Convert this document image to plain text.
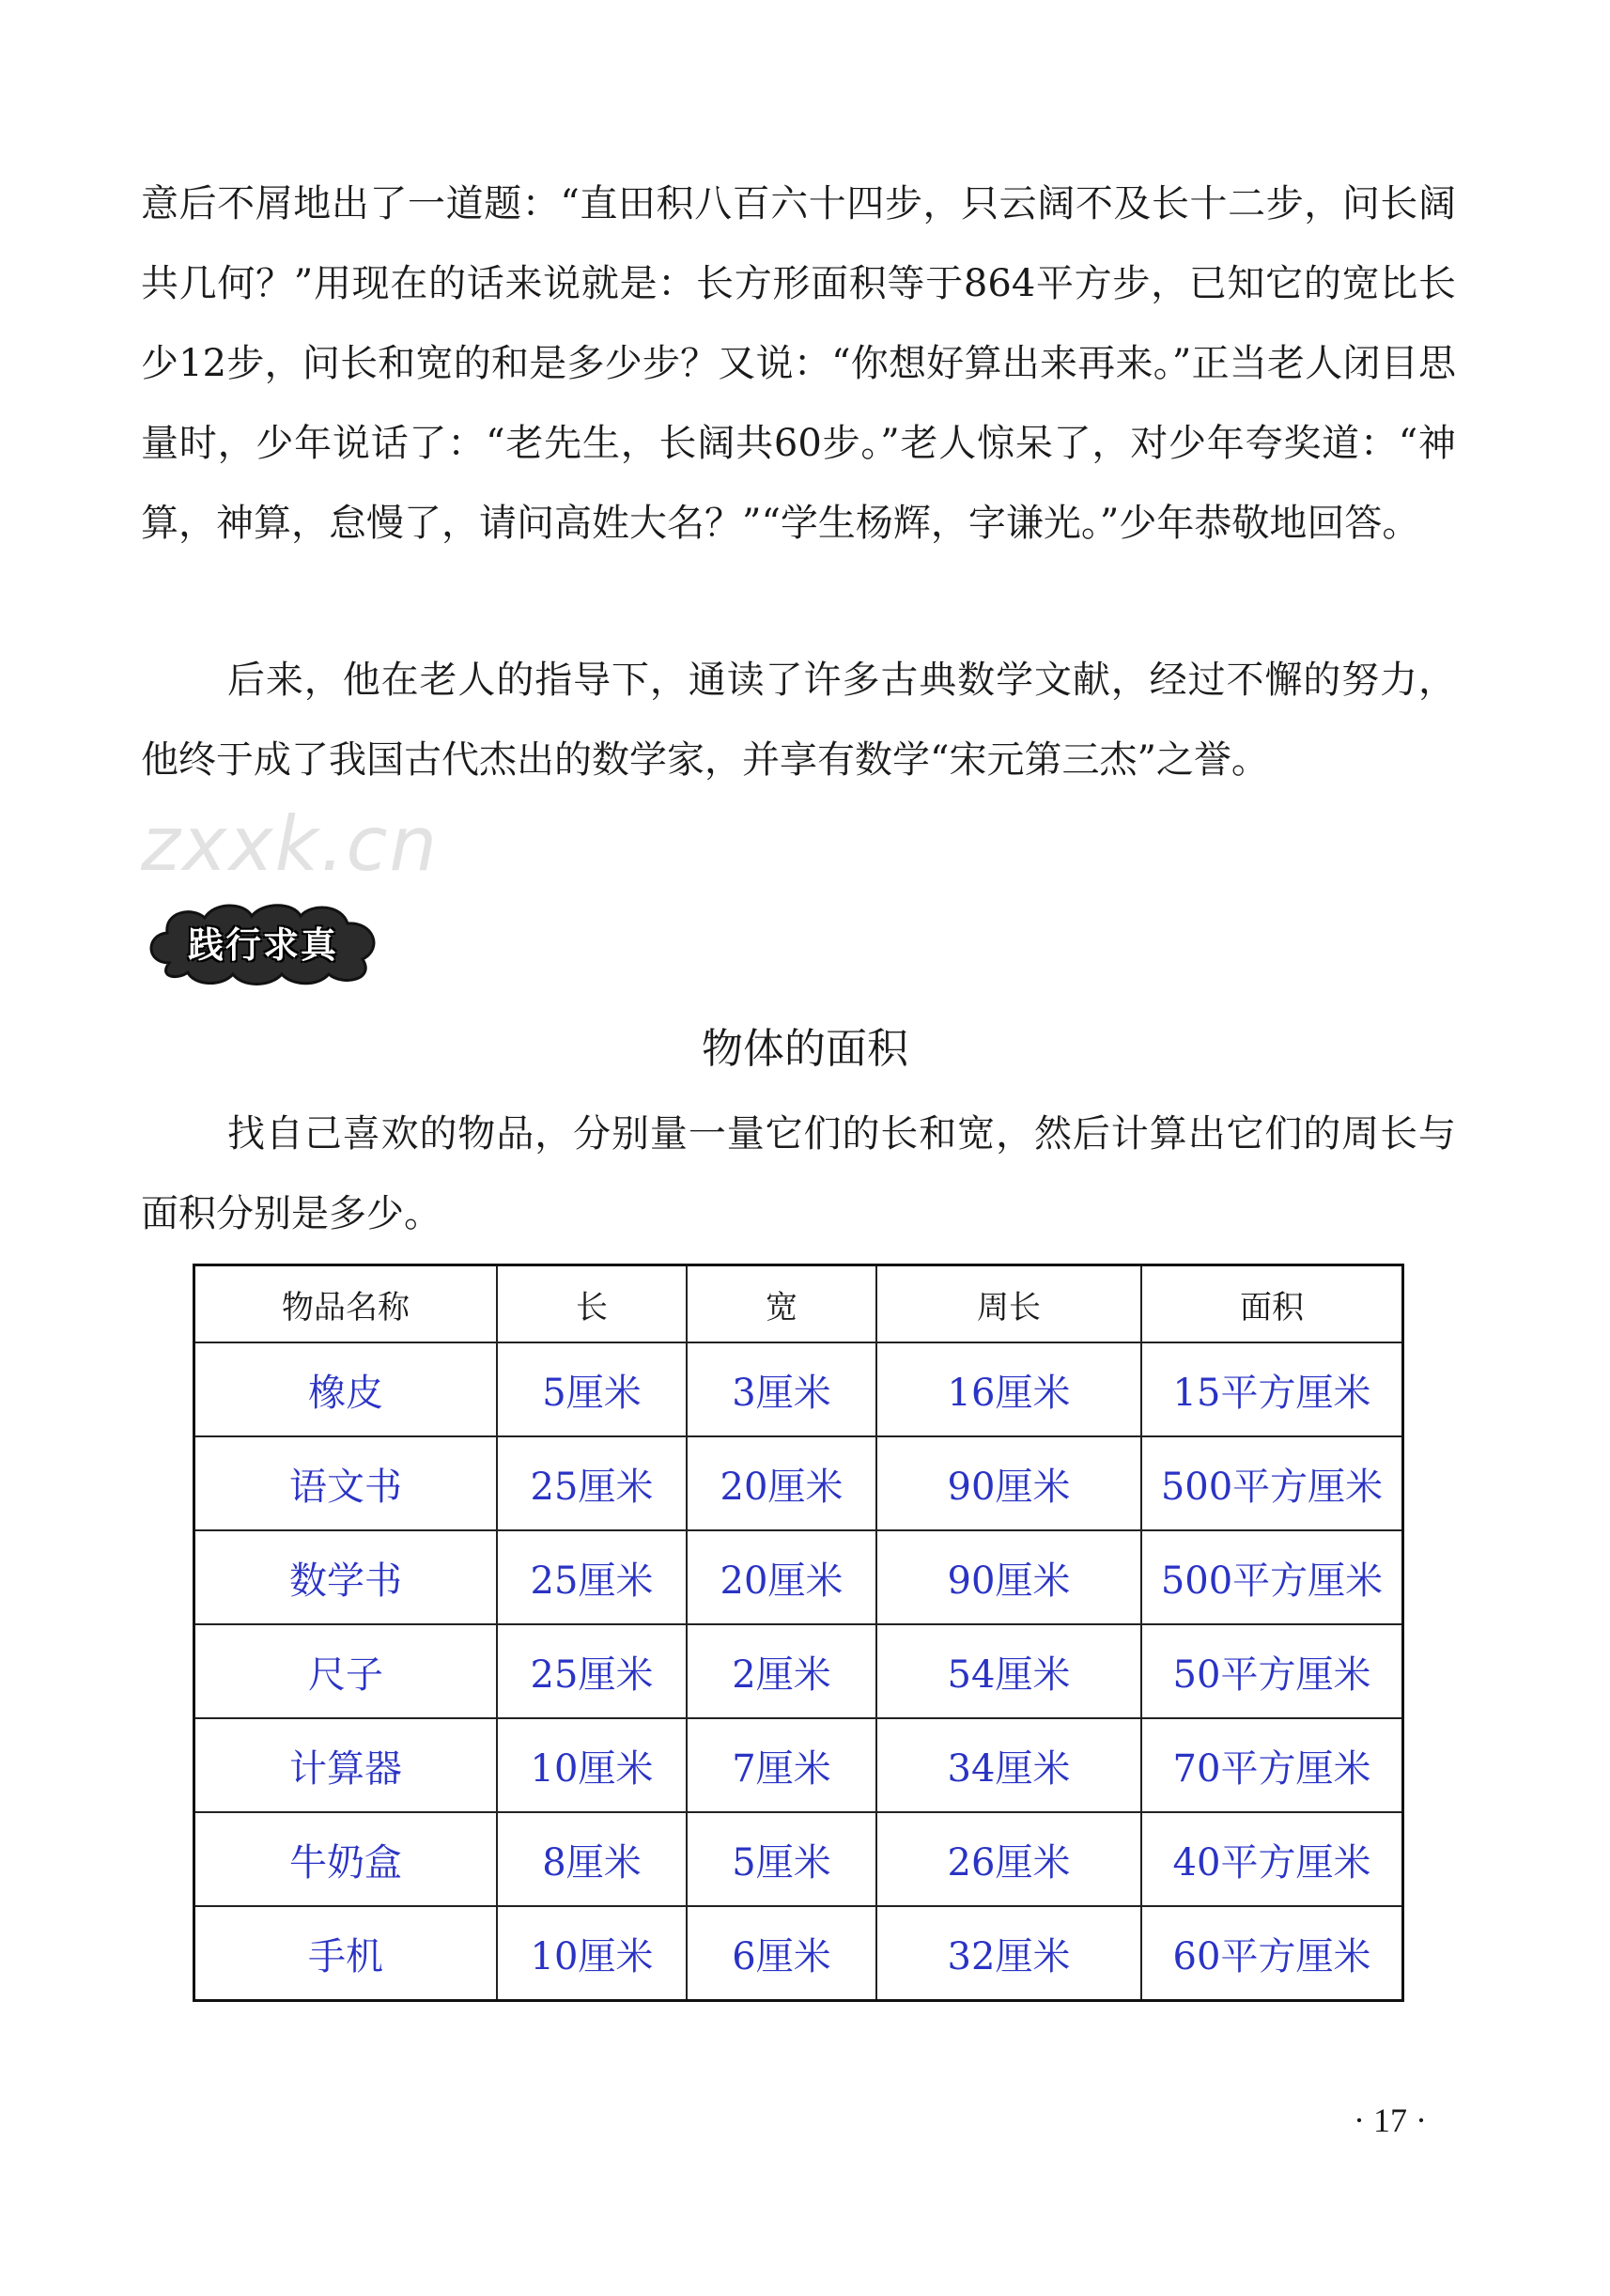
意后不屑地出了一道题：“直田积八百六十四步，只云阔不及长十二步，问长阔共几何？”用现在的话来说就是：长方形面积等于864平方步，已知它的宽比长少12步，问长和宽的和是多少步？又说：“你想好算出来再来。”正当老人闭目思量时，少年说话了：“老先生，长阔共60步。”老人惊呆了，对少年夸奖道：“神算，神算，怠慢了，请问高姓大名？”“学生杨辉，字谦光。”少年恭敬地回答。

后来，他在老人的指导下，通读了许多古典数学文献，经过不懈的努力，他终于成了我国古代杰出的数学家，并享有数学“宋元第三杰”之誉。

zxxk.cn
践行求真
物体的面积

找自己喜欢的物品，分别量一量它们的长和宽，然后计算出它们的周长与面积分别是多少。

物品名称	长	宽	周长	面积
橡皮	5厘米	3厘米	16厘米	15平方厘米
语文书	25厘米	20厘米	90厘米	500平方厘米
数学书	25厘米	20厘米	90厘米	500平方厘米
尺子	25厘米	2厘米	54厘米	50平方厘米
计算器	10厘米	7厘米	34厘米	70平方厘米
牛奶盒	8厘米	5厘米	26厘米	40平方厘米
手机	10厘米	6厘米	32厘米	60平方厘米
· 17 ·
